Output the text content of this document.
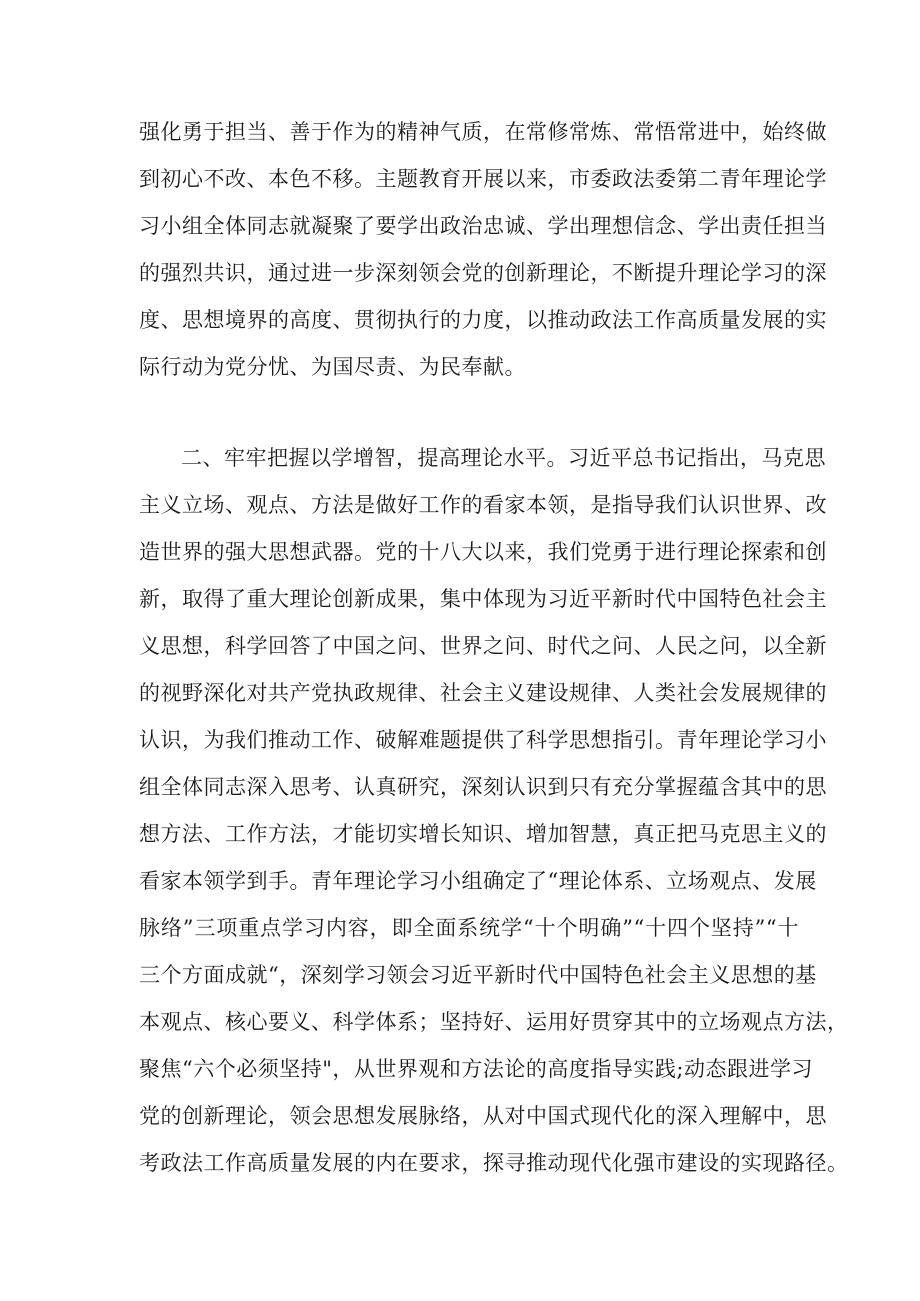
强化勇于担当、善于作为的精神气质，在常修常炼、常悟常进中，始终做
到初心不改、本色不移。主题教育开展以来，市委政法委第二青年理论学
习小组全体同志就凝聚了要学出政治忠诚、学出理想信念、学出责任担当
的强烈共识，通过进一步深刻领会党的创新理论，不断提升理论学习的深
度、思想境界的高度、贯彻执行的力度，以推动政法工作高质量发展的实
际行动为党分忧、为国尽责、为民奉献。
二、牢牢把握以学增智，提高理论水平。习近平总书记指出，马克思
主义立场、观点、方法是做好工作的看家本领，是指导我们认识世界、改
造世界的强大思想武器。党的十八大以来，我们党勇于进行理论探索和创
新，取得了重大理论创新成果，集中体现为习近平新时代中国特色社会主
义思想，科学回答了中国之问、世界之问、时代之问、人民之问，以全新
的视野深化对共产党执政规律、社会主义建设规律、人类社会发展规律的
认识，为我们推动工作、破解难题提供了科学思想指引。青年理论学习小
组全体同志深入思考、认真研究，深刻认识到只有充分掌握蕴含其中的思
想方法、工作方法，才能切实增长知识、增加智慧，真正把马克思主义的
看家本领学到手。青年理论学习小组确定了“理论体系、立场观点、发展
脉络”三项重点学习内容，即全面系统学“十个明确”“十四个坚持”“十
三个方面成就“，深刻学习领会习近平新时代中国特色社会主义思想的基
本观点、核心要义、科学体系；坚持好、运用好贯穿其中的立场观点方法，
聚焦“六个必须坚持"，从世界观和方法论的高度指导实践;动态跟进学习
党的创新理论，领会思想发展脉络，从对中国式现代化的深入理解中，思
考政法工作高质量发展的内在要求，探寻推动现代化强市建设的实现路径。
